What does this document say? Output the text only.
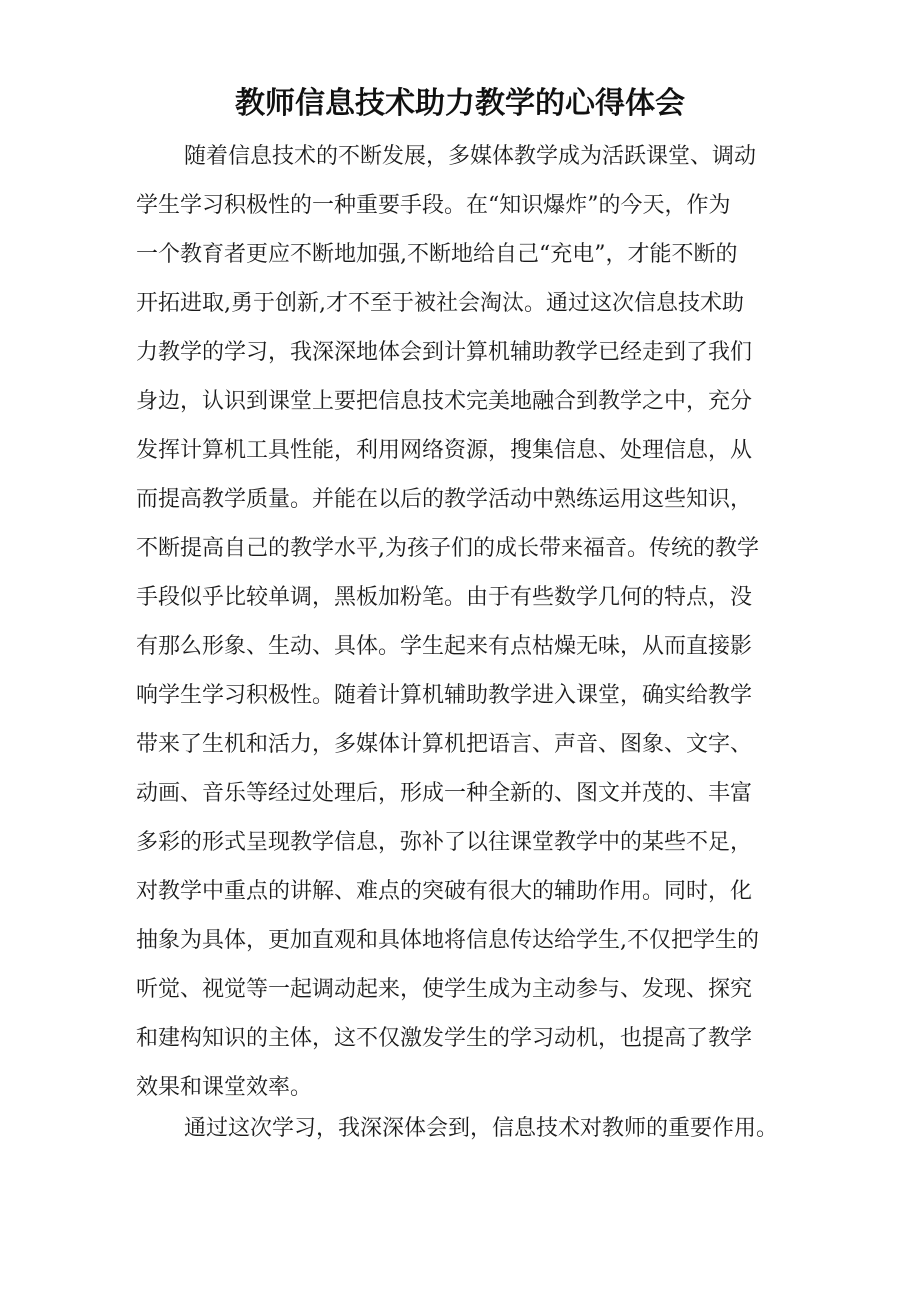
教师信息技术助力教学的心得体会

随着信息技术的不断发展，多媒体教学成为活跃课堂、调动

学生学习积极性的一种重要手段。在“知识爆炸”的今天，作为

一个教育者更应不断地加强,不断地给自己“充电”，才能不断的

开拓进取,勇于创新,才不至于被社会淘汰。通过这次信息技术助

力教学的学习，我深深地体会到计算机辅助教学已经走到了我们

身边，认识到课堂上要把信息技术完美地融合到教学之中，充分

发挥计算机工具性能，利用网络资源，搜集信息、处理信息，从

而提高教学质量。并能在以后的教学活动中熟练运用这些知识，

不断提高自己的教学水平,为孩子们的成长带来福音。传统的教学

手段似乎比较单调，黑板加粉笔。由于有些数学几何的特点，没

有那么形象、生动、具体。学生起来有点枯燥无味，从而直接影

响学生学习积极性。随着计算机辅助教学进入课堂，确实给教学

带来了生机和活力，多媒体计算机把语言、声音、图象、文字、

动画、音乐等经过处理后，形成一种全新的、图文并茂的、丰富

多彩的形式呈现教学信息，弥补了以往课堂教学中的某些不足，

对教学中重点的讲解、难点的突破有很大的辅助作用。同时，化

抽象为具体，更加直观和具体地将信息传达给学生,不仅把学生的

听觉、视觉等一起调动起来，使学生成为主动参与、发现、探究

和建构知识的主体，这不仅激发学生的学习动机，也提高了教学

效果和课堂效率。

通过这次学习，我深深体会到，信息技术对教师的重要作用。
